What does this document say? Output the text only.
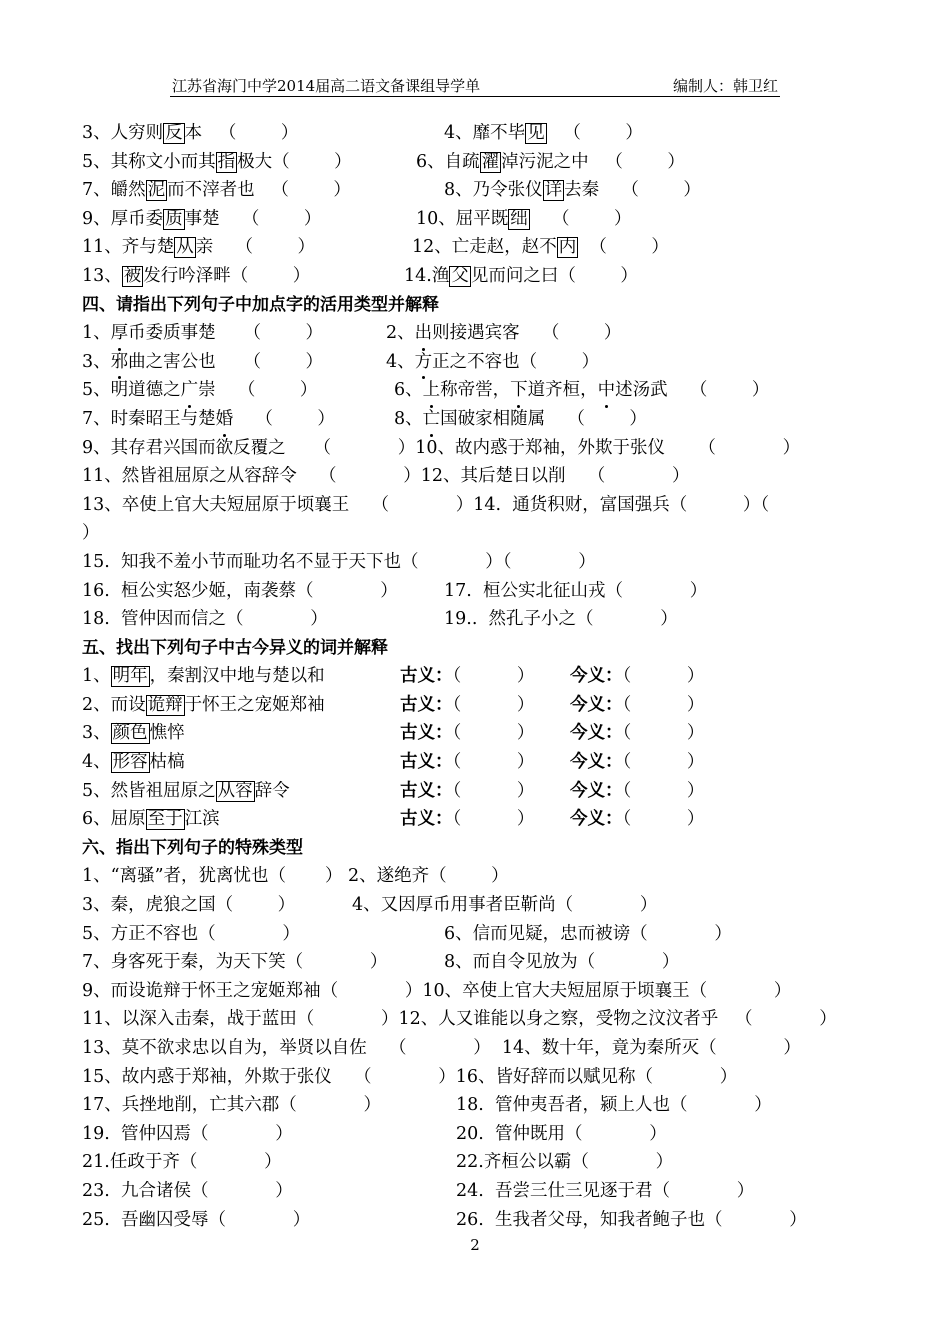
江苏省海门中学2014届高二语文备课组导学单	编制人：韩卫红
3、人穷则 反 本   （        ）	4、靡不毕 见   （        ）
5、其称文小而其 指 极大（        ）	6、自疏 濯 淖污泥之中   （        ）
7、皭然 泥 而不滓者也   （        ）	8、乃令张仪 详 去秦    （        ）
9、厚币委 质 事楚    （        ）	10、屈平既 绌    （        ）
11、齐与楚 从 亲    （        ）	12、亡走赵，赵不 内  （        ）
13、 被 发行吟泽畔（        ）	14.渔 父 见而问之曰（        ）
四、请指出下列句子中加点字的活用类型并解释
1、厚币委质事楚     （        ）	2、出则接遇宾客    （        ）
3、邪曲之害公也     （        ）	4、方正之不容也（        ）
5、明道德之广崇    （        ）	6、上称帝喾，下道齐桓，中述汤武    （        ）
7、时秦昭王与楚婚    （        ）	8、亡国破家相随属    （        ）
9、其存君兴国而欲反覆之     （            ）10、故内惑于郑袖，外欺于张仪      （            ）
11、然皆祖屈原之从容辞令    （            ）12、其后楚日以削    （            ）
13、卒使上官大夫短屈原于顷襄王    （            ）14.  通货积财，富国强兵（          ）（
）
15.  知我不羞小节而耻功名不显于天下也（            ）（            ）
16.  桓公实怒少姬，南袭蔡（            ）	17.  桓公实北征山戎（            ）
18.  管仲因而信之（            ）	19..  然孔子小之（            ）
五、找出下列句子中古今异义的词并解释
1、 明年 ，秦割汉中地与楚以和	古义：（          ） 今义：（          ）
2、而设 诡辩 于怀王之宠姬郑袖	古义：（          ） 今义：（          ）
3、 颜色 憔悴	古义：（          ） 今义：（          ）
4、 形容 枯槁	古义：（          ） 今义：（          ）
5、然皆祖屈原之 从容 辞令	古义：（          ） 今义：（          ）
6、屈原 至于 江滨	古义：（          ） 今义：（          ）
六、指出下列句子的特殊类型
1、“离骚”者，犹离忧也（       ） 2、遂绝齐（        ）
3、秦，虎狼之国（        ）	4、又因厚币用事者臣靳尚（            ）
5、方正不容也（            ）	6、信而见疑，忠而被谤（            ）
7、身客死于秦，为天下笑（            ）	8、而自令见放为（            ）
9、而设诡辩于怀王之宠姬郑袖（            ）10、卒使上官大夫短屈原于顷襄王（            ）
11、以深入击秦，战于蓝田（            ）12、人又谁能以身之察，受物之汶汶者乎   （            ）
13、莫不欲求忠以自为，举贤以自佐    （            ）  14、数十年，竟为秦所灭（            ）
15、故内惑于郑袖，外欺于张仪    （            ）16、皆好辞而以赋见称（            ）
17、兵挫地削，亡其六郡（            ）	18.  管仲夷吾者，颍上人也（            ）
19.  管仲囚焉（            ）	20.  管仲既用（            ）
21.任政于齐（            ）	22.齐桓公以霸（            ）
23.  九合诸侯（            ）	24.  吾尝三仕三见逐于君（            ）
25.  吾幽囚受辱（            ）	26.  生我者父母，知我者鲍子也（            ）
2
